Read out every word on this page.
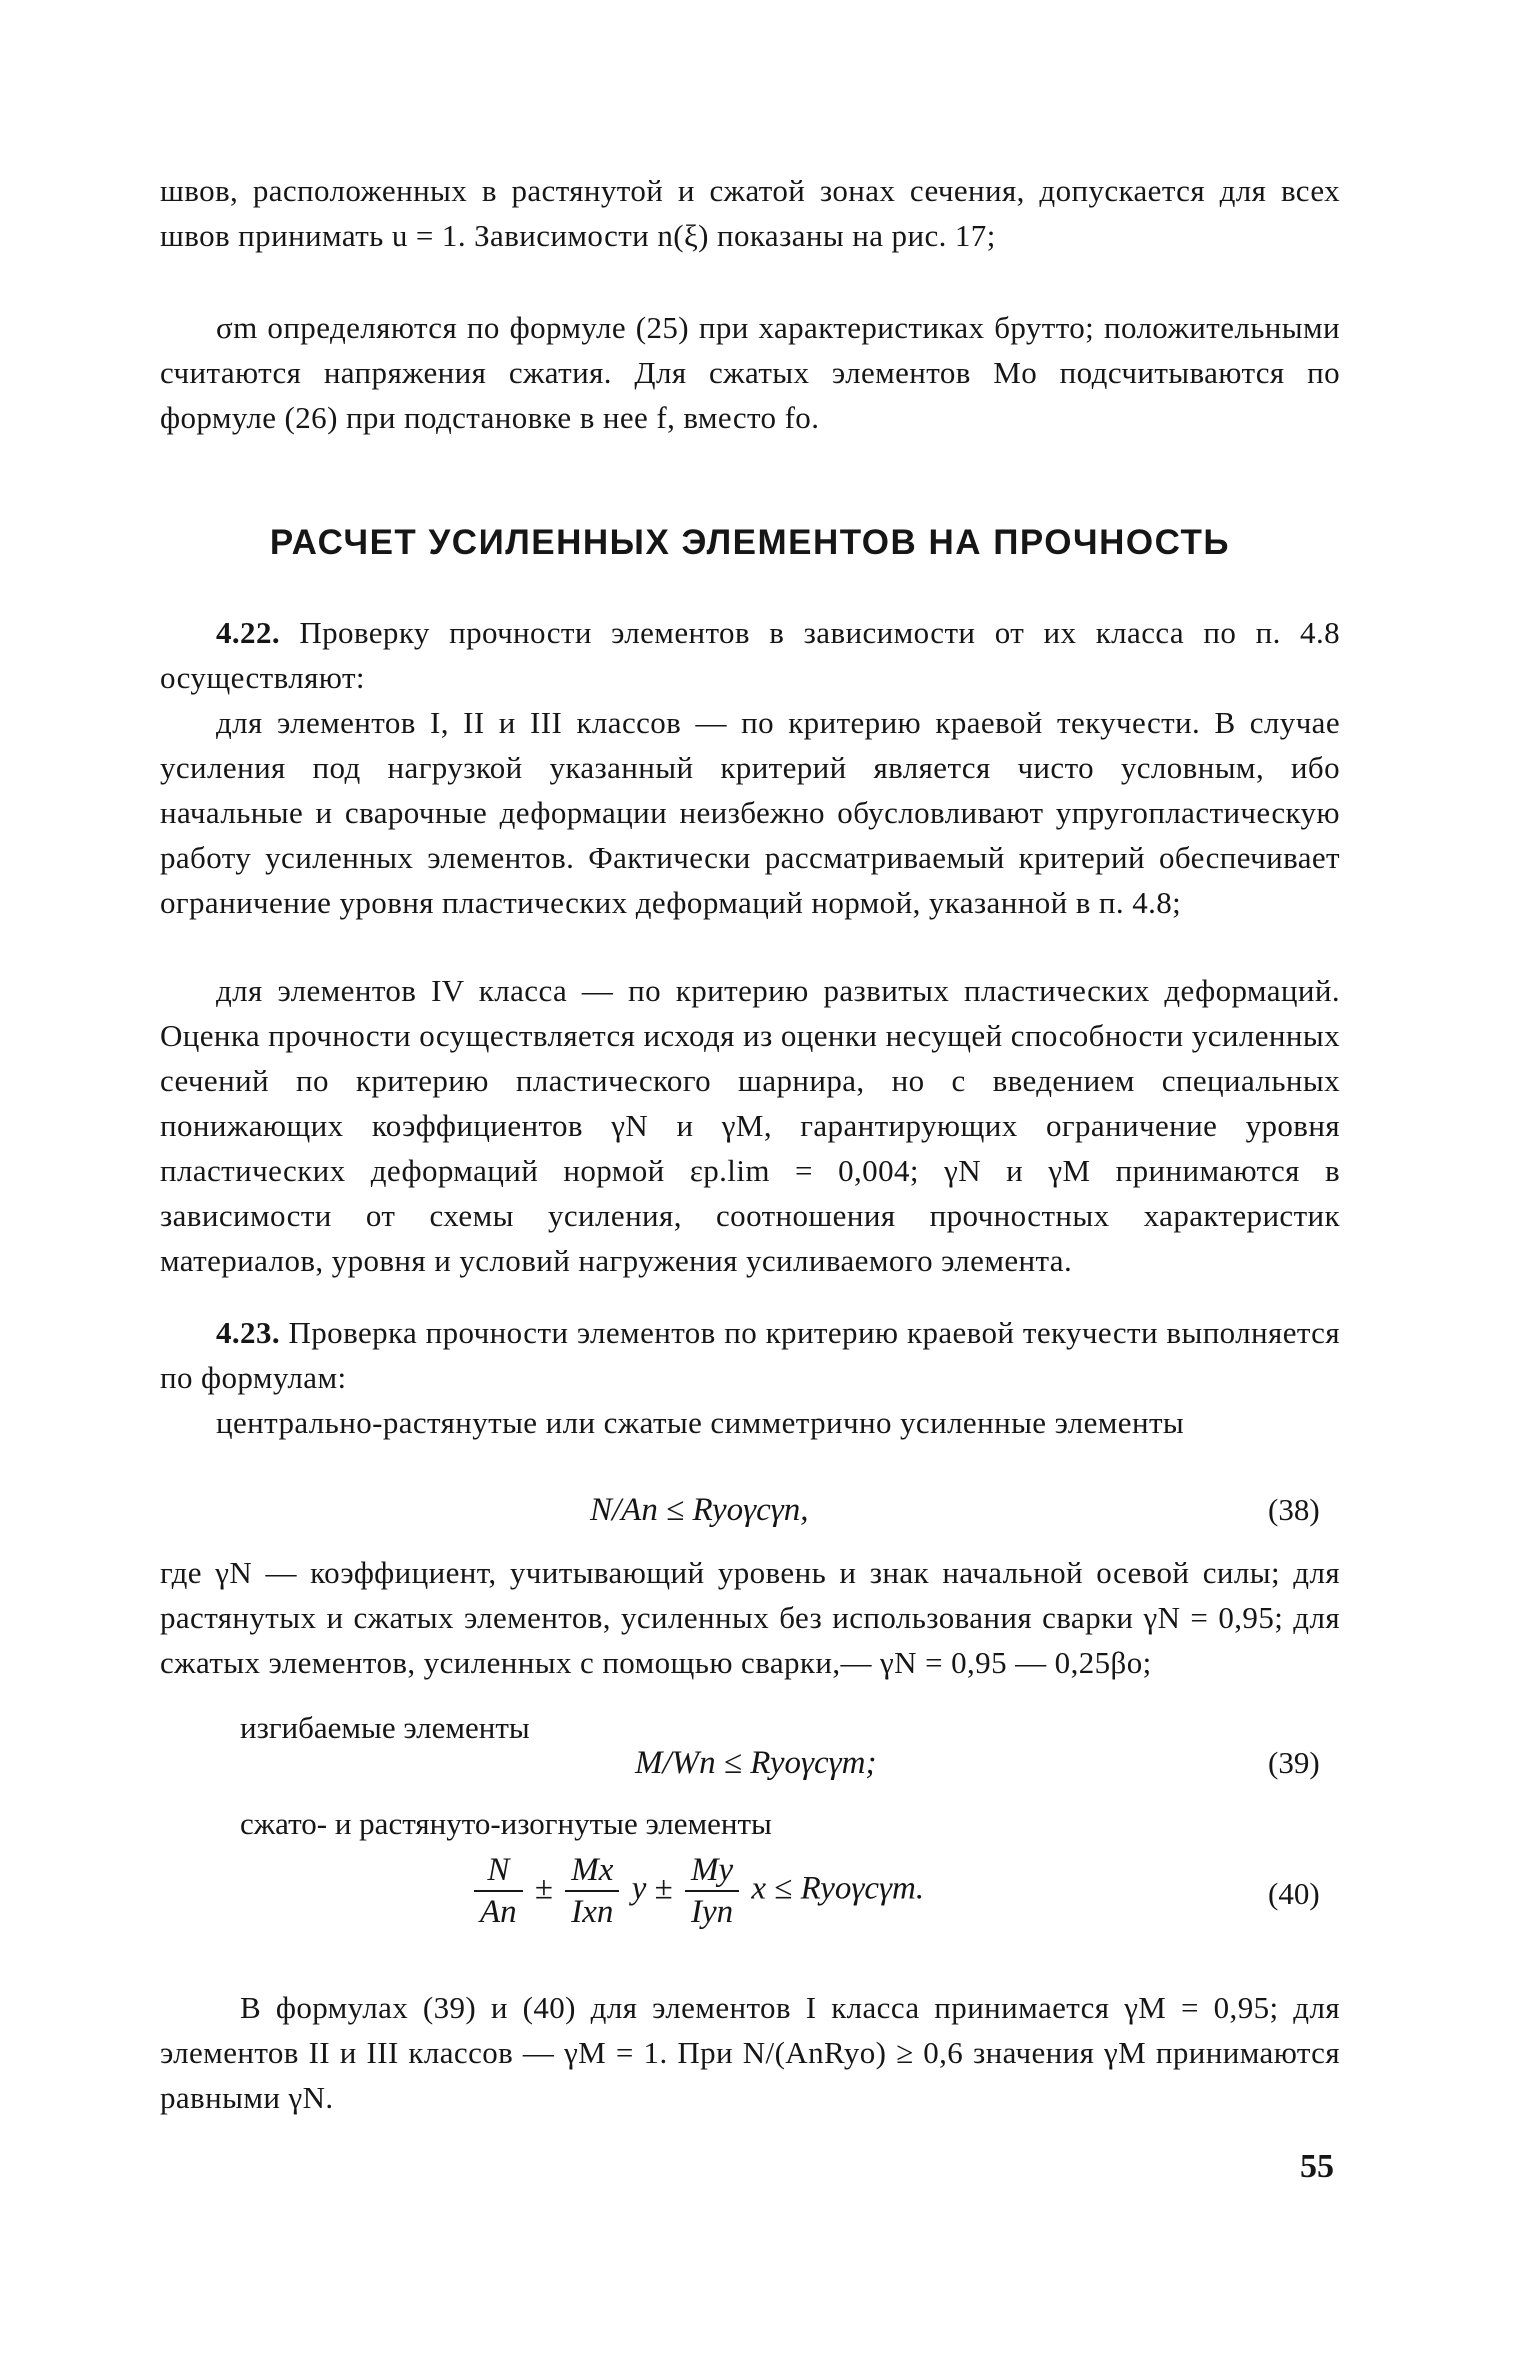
швов, расположенных в растянутой и сжатой зонах сечения, допускается для всех швов принимать u = 1. Зависимости n(ξ) показаны на рис. 17;
σm определяются по формуле (25) при характеристиках брутто; положительными считаются напряжения сжатия. Для сжатых элементов Mo подсчитываются по формуле (26) при подстановке в нее f, вместо fo.
РАСЧЕТ УСИЛЕННЫХ ЭЛЕМЕНТОВ НА ПРОЧНОСТЬ
4.22. Проверку прочности элементов в зависимости от их класса по п. 4.8 осуществляют:
для элементов I, II и III классов — по критерию краевой текучести. В случае усиления под нагрузкой указанный критерий является чисто условным, ибо начальные и сварочные деформации неизбежно обусловливают упругопластическую работу усиленных элементов. Фактически рассматриваемый критерий обеспечивает ограничение уровня пластических деформаций нормой, указанной в п. 4.8;
для элементов IV класса — по критерию развитых пластических деформаций. Оценка прочности осуществляется исходя из оценки несущей способности усиленных сечений по критерию пластического шарнира, но с введением специальных понижающих коэффициентов γN и γM, гарантирующих ограничение уровня пластических деформаций нормой εp.lim = 0,004; γN и γM принимаются в зависимости от схемы усиления, соотношения прочностных характеристик материалов, уровня и условий нагружения усиливаемого элемента.
4.23. Проверка прочности элементов по критерию краевой текучести выполняется по формулам:
центрально-растянутые или сжатые симметрично усиленные элементы
N/An ≤ Ryoγcγn,	(38)
где γN — коэффициент, учитывающий уровень и знак начальной осевой силы; для растянутых и сжатых элементов, усиленных без использования сварки γN = 0,95; для сжатых элементов, усиленных с помощью сварки,— γN = 0,95 — 0,25βo;
изгибаемые элементы
M/Wn ≤ Ryoγcγm;	(39)
сжато- и растянуто-изогнутые элементы
$\frac{N}{An} \pm \frac{Mx}{\text{Ixn}}$ $y \pm \frac{My}{\text{Iyn}}$ x ≤ Ryoγcγm.	(40)
В формулах (39) и (40) для элементов I класса принимается γM = 0,95; для элементов II и III классов — γM = 1. При N/(AnRyo) ≥ 0,6 значения γM принимаются равными γN.
55
